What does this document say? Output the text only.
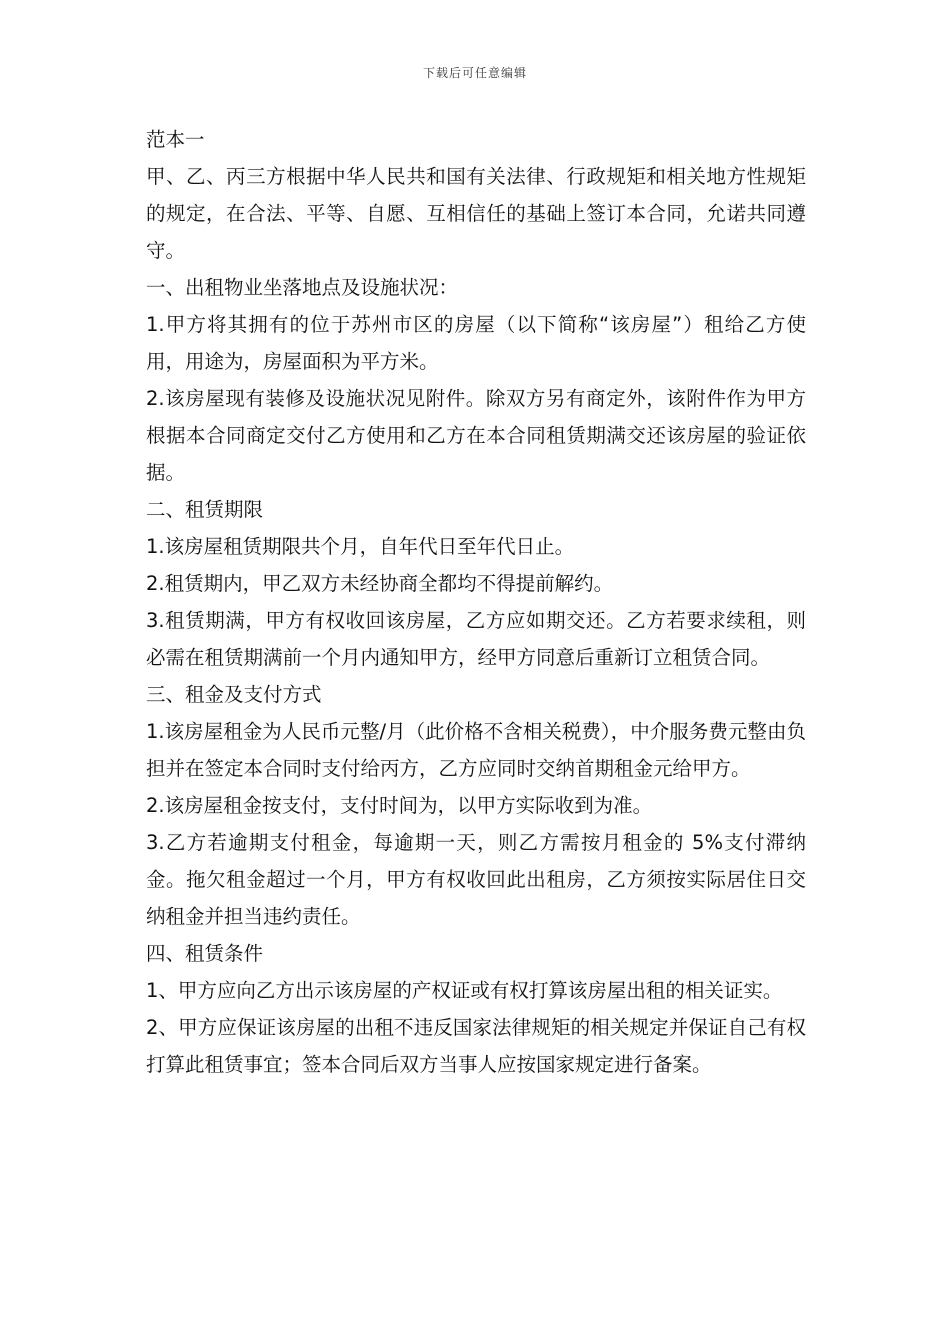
下载后可任意编辑

范本一

甲、乙、丙三方根据中华人民共和国有关法律、行政规矩和相关地方性规矩的规定，在合法、平等、自愿、互相信任的基础上签订本合同，允诺共同遵守。

一、出租物业坐落地点及设施状况：

1.甲方将其拥有的位于苏州市区的房屋（以下简称“该房屋”）租给乙方使用，用途为，房屋面积为平方米。

2.该房屋现有装修及设施状况见附件。除双方另有商定外，该附件作为甲方根据本合同商定交付乙方使用和乙方在本合同租赁期满交还该房屋的验证依据。

二、租赁期限

1.该房屋租赁期限共个月，自年代日至年代日止。

2.租赁期内，甲乙双方未经协商全都均不得提前解约。

3.租赁期满，甲方有权收回该房屋，乙方应如期交还。乙方若要求续租，则必需在租赁期满前一个月内通知甲方，经甲方同意后重新订立租赁合同。

三、租金及支付方式

1.该房屋租金为人民币元整/月（此价格不含相关税费），中介服务费元整由负担并在签定本合同时支付给丙方，乙方应同时交纳首期租金元给甲方。

2.该房屋租金按支付，支付时间为，以甲方实际收到为准。

3.乙方若逾期支付租金，每逾期一天，则乙方需按月租金的 5%支付滞纳金。拖欠租金超过一个月，甲方有权收回此出租房，乙方须按实际居住日交纳租金并担当违约责任。

四、租赁条件

1、甲方应向乙方出示该房屋的产权证或有权打算该房屋出租的相关证实。

2、甲方应保证该房屋的出租不违反国家法律规矩的相关规定并保证自己有权打算此租赁事宜；签本合同后双方当事人应按国家规定进行备案。
